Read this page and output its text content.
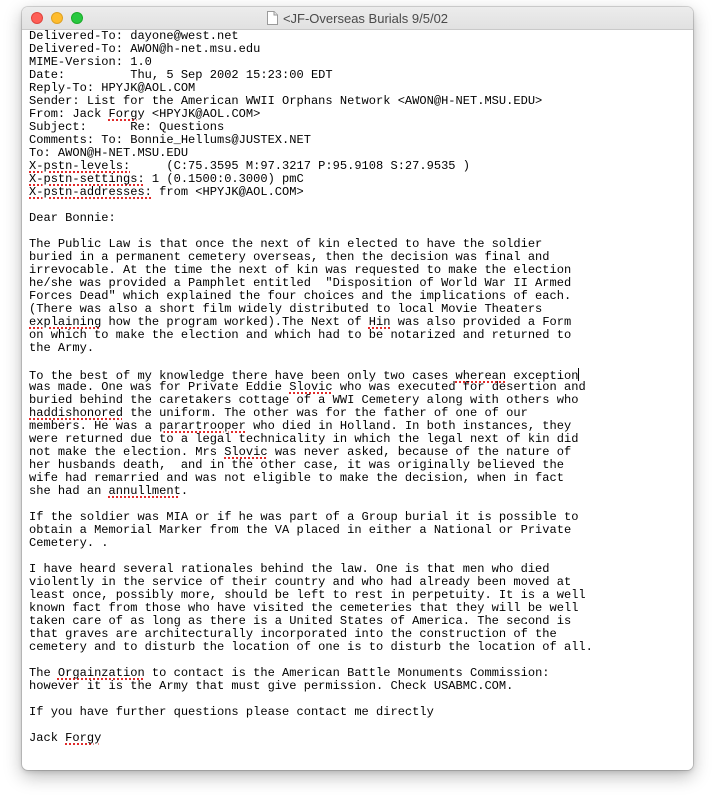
<JF-Overseas Burials 9/5/02
Delivered-To: dayone@west.net
Delivered-To: AWON@h-net.msu.edu
MIME-Version: 1.0
Date:         Thu, 5 Sep 2002 15:23:00 EDT
Reply-To: HPYJK@AOL.COM
Sender: List for the American WWII Orphans Network <AWON@H-NET.MSU.EDU>
From: Jack Forgy <HPYJK@AOL.COM>
Subject:      Re: Questions
Comments: To: Bonnie_Hellums@JUSTEX.NET
To: AWON@H-NET.MSU.EDU
X-pstn-levels:     (C:75.3595 M:97.3217 P:95.9108 S:27.9535 )
X-pstn-settings: 1 (0.1500:0.3000) pmC
X-pstn-addresses: from <HPYJK@AOL.COM>
Dear Bonnie:
The Public Law is that once the next of kin elected to have the soldier
buried in a permanent cemetery overseas, then the decision was final and
irrevocable. At the time the next of kin was requested to make the election
he/she was provided a Pamphlet entitled  "Disposition of World War II Armed
Forces Dead" which explained the four choices and the implications of each.
(There was also a short film widely distributed to local Movie Theaters
explaining how the program worked).The Next of Hin was also provided a Form
on which to make the election and which had to be notarized and returned to
the Army.
To the best of my knowledge there have been only two cases wherean exception
was made. One was for Private Eddie Slovic who was executed for desertion and
buried behind the caretakers cottage of a WWI Cemetery along with others who
haddishonored the uniform. The other was for the father of one of our
members. He was a parartrooper who died in Holland. In both instances, they
were returned due to a legal technicality in which the legal next of kin did
not make the election. Mrs Slovic was never asked, because of the nature of
her husbands death,  and in the other case, it was originally believed the
wife had remarried and was not eligible to make the decision, when in fact
she had an annullment.
If the soldier was MIA or if he was part of a Group burial it is possible to
obtain a Memorial Marker from the VA placed in either a National or Private
Cemetery. .
I have heard several rationales behind the law. One is that men who died
violently in the service of their country and who had already been moved at
least once, possibly more, should be left to rest in perpetuity. It is a well
known fact from those who have visited the cemeteries that they will be well
taken care of as long as there is a United States of America. The second is
that graves are architecturally incorporated into the construction of the
cemetery and to disturb the location of one is to disturb the location of all.
The Orgainzation to contact is the American Battle Monuments Commission:
however it is the Army that must give permission. Check USABMC.COM.
If you have further questions please contact me directly
Jack Forgy
